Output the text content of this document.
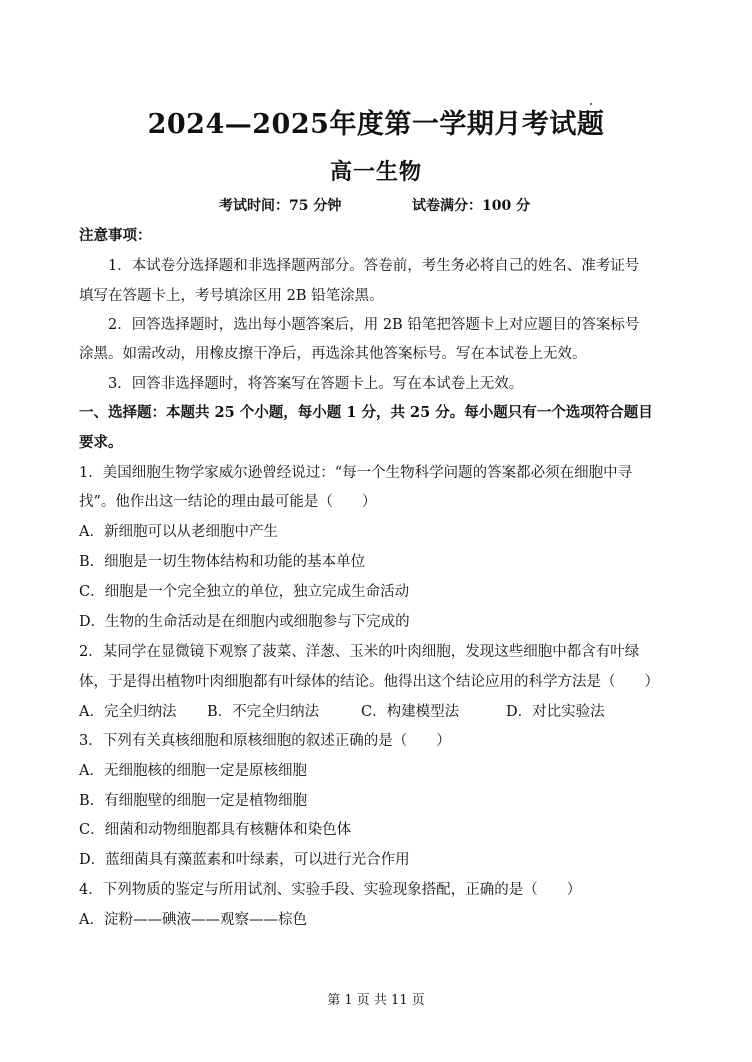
2024—2025年度第一学期月考试题
高一生物
考试时间：75 分钟	试卷满分：100 分
注意事项：
1．本试卷分选择题和非选择题两部分。答卷前，考生务必将自己的姓名、准考证号
填写在答题卡上，考号填涂区用 2B 铅笔涂黑。
2．回答选择题时，选出每小题答案后，用 2B 铅笔把答题卡上对应题目的答案标号
涂黑。如需改动，用橡皮擦干净后，再选涂其他答案标号。写在本试卷上无效。
3．回答非选择题时，将答案写在答题卡上。写在本试卷上无效。
一、选择题：本题共 25 个小题，每小题 1 分，共 25 分。每小题只有一个选项符合题目
要求。
1．美国细胞生物学家威尔逊曾经说过：“每一个生物科学问题的答案都必须在细胞中寻
找”。他作出这一结论的理由最可能是（　　）
A．新细胞可以从老细胞中产生
B．细胞是一切生物体结构和功能的基本单位
C．细胞是一个完全独立的单位，独立完成生命活动
D．生物的生命活动是在细胞内或细胞参与下完成的
2．某同学在显微镜下观察了菠菜、洋葱、玉米的叶肉细胞，发现这些细胞中都含有叶绿
体，于是得出植物叶肉细胞都有叶绿体的结论。他得出这个结论应用的科学方法是（　　）
A．完全归纳法 B．不完全归纳法	C．构建模型法	D．对比实验法
3．下列有关真核细胞和原核细胞的叙述正确的是（　　）
A．无细胞核的细胞一定是原核细胞
B．有细胞壁的细胞一定是植物细胞
C．细菌和动物细胞都具有核糖体和染色体
D．蓝细菌具有藻蓝素和叶绿素，可以进行光合作用
4．下列物质的鉴定与所用试剂、实验手段、实验现象搭配，正确的是（　　）
A．淀粉——碘液——观察——棕色
第 1 页 共 11 页
